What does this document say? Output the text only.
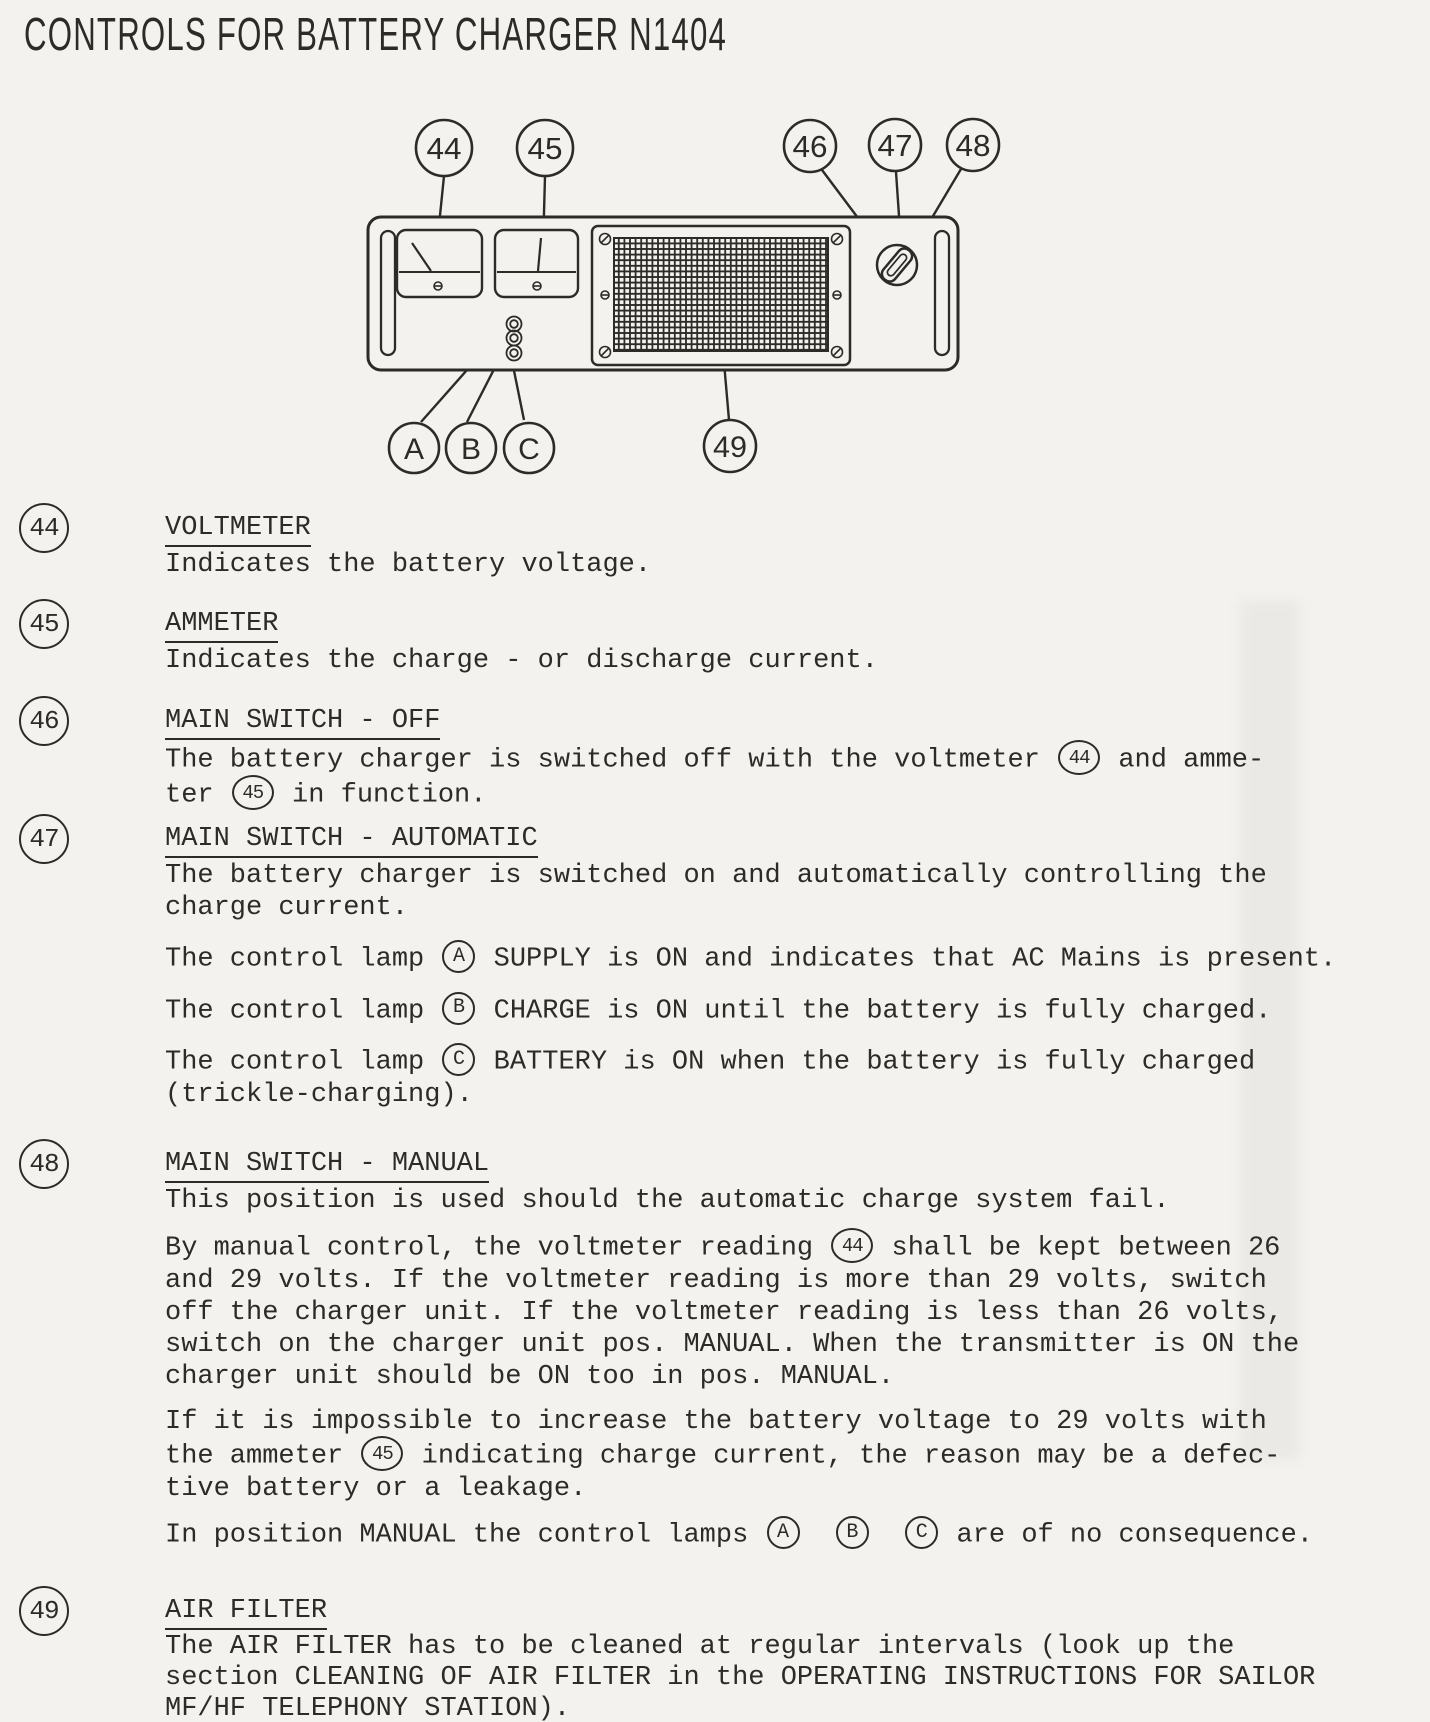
CONTROLS FOR BATTERY CHARGER N1404
44 45	46 47 48
A B C	49
44	VOLTMETER
Indicates the battery voltage.
45	AMMETER
Indicates the charge - or discharge current.
46	MAIN SWITCH - OFF
The battery charger is switched off with the voltmeter 44 and amme-
ter 45 in function.
47	MAIN SWITCH - AUTOMATIC
The battery charger is switched on and automatically controlling the
charge current.
The control lamp A SUPPLY is ON and indicates that AC Mains is present.
The control lamp B CHARGE is ON until the battery is fully charged.
The control lamp C BATTERY is ON when the battery is fully charged
(trickle-charging).
48	MAIN SWITCH - MANUAL
This position is used should the automatic charge system fail.
By manual control, the voltmeter reading 44 shall be kept between 26
and 29 volts. If the voltmeter reading is more than 29 volts, switch
off the charger unit. If the voltmeter reading is less than 26 volts,
switch on the charger unit pos. MANUAL. When the transmitter is ON the
charger unit should be ON too in pos. MANUAL.
If it is impossible to increase the battery voltage to 29 volts with
the ammeter 45 indicating charge current, the reason may be a defec-
tive battery or a leakage.
In position MANUAL the control lamps A	B	C are of no consequence.
49	AIR FILTER
The AIR FILTER has to be cleaned at regular intervals (look up the
section CLEANING OF AIR FILTER in the OPERATING INSTRUCTIONS FOR SAILOR
MF/HF TELEPHONY STATION).
